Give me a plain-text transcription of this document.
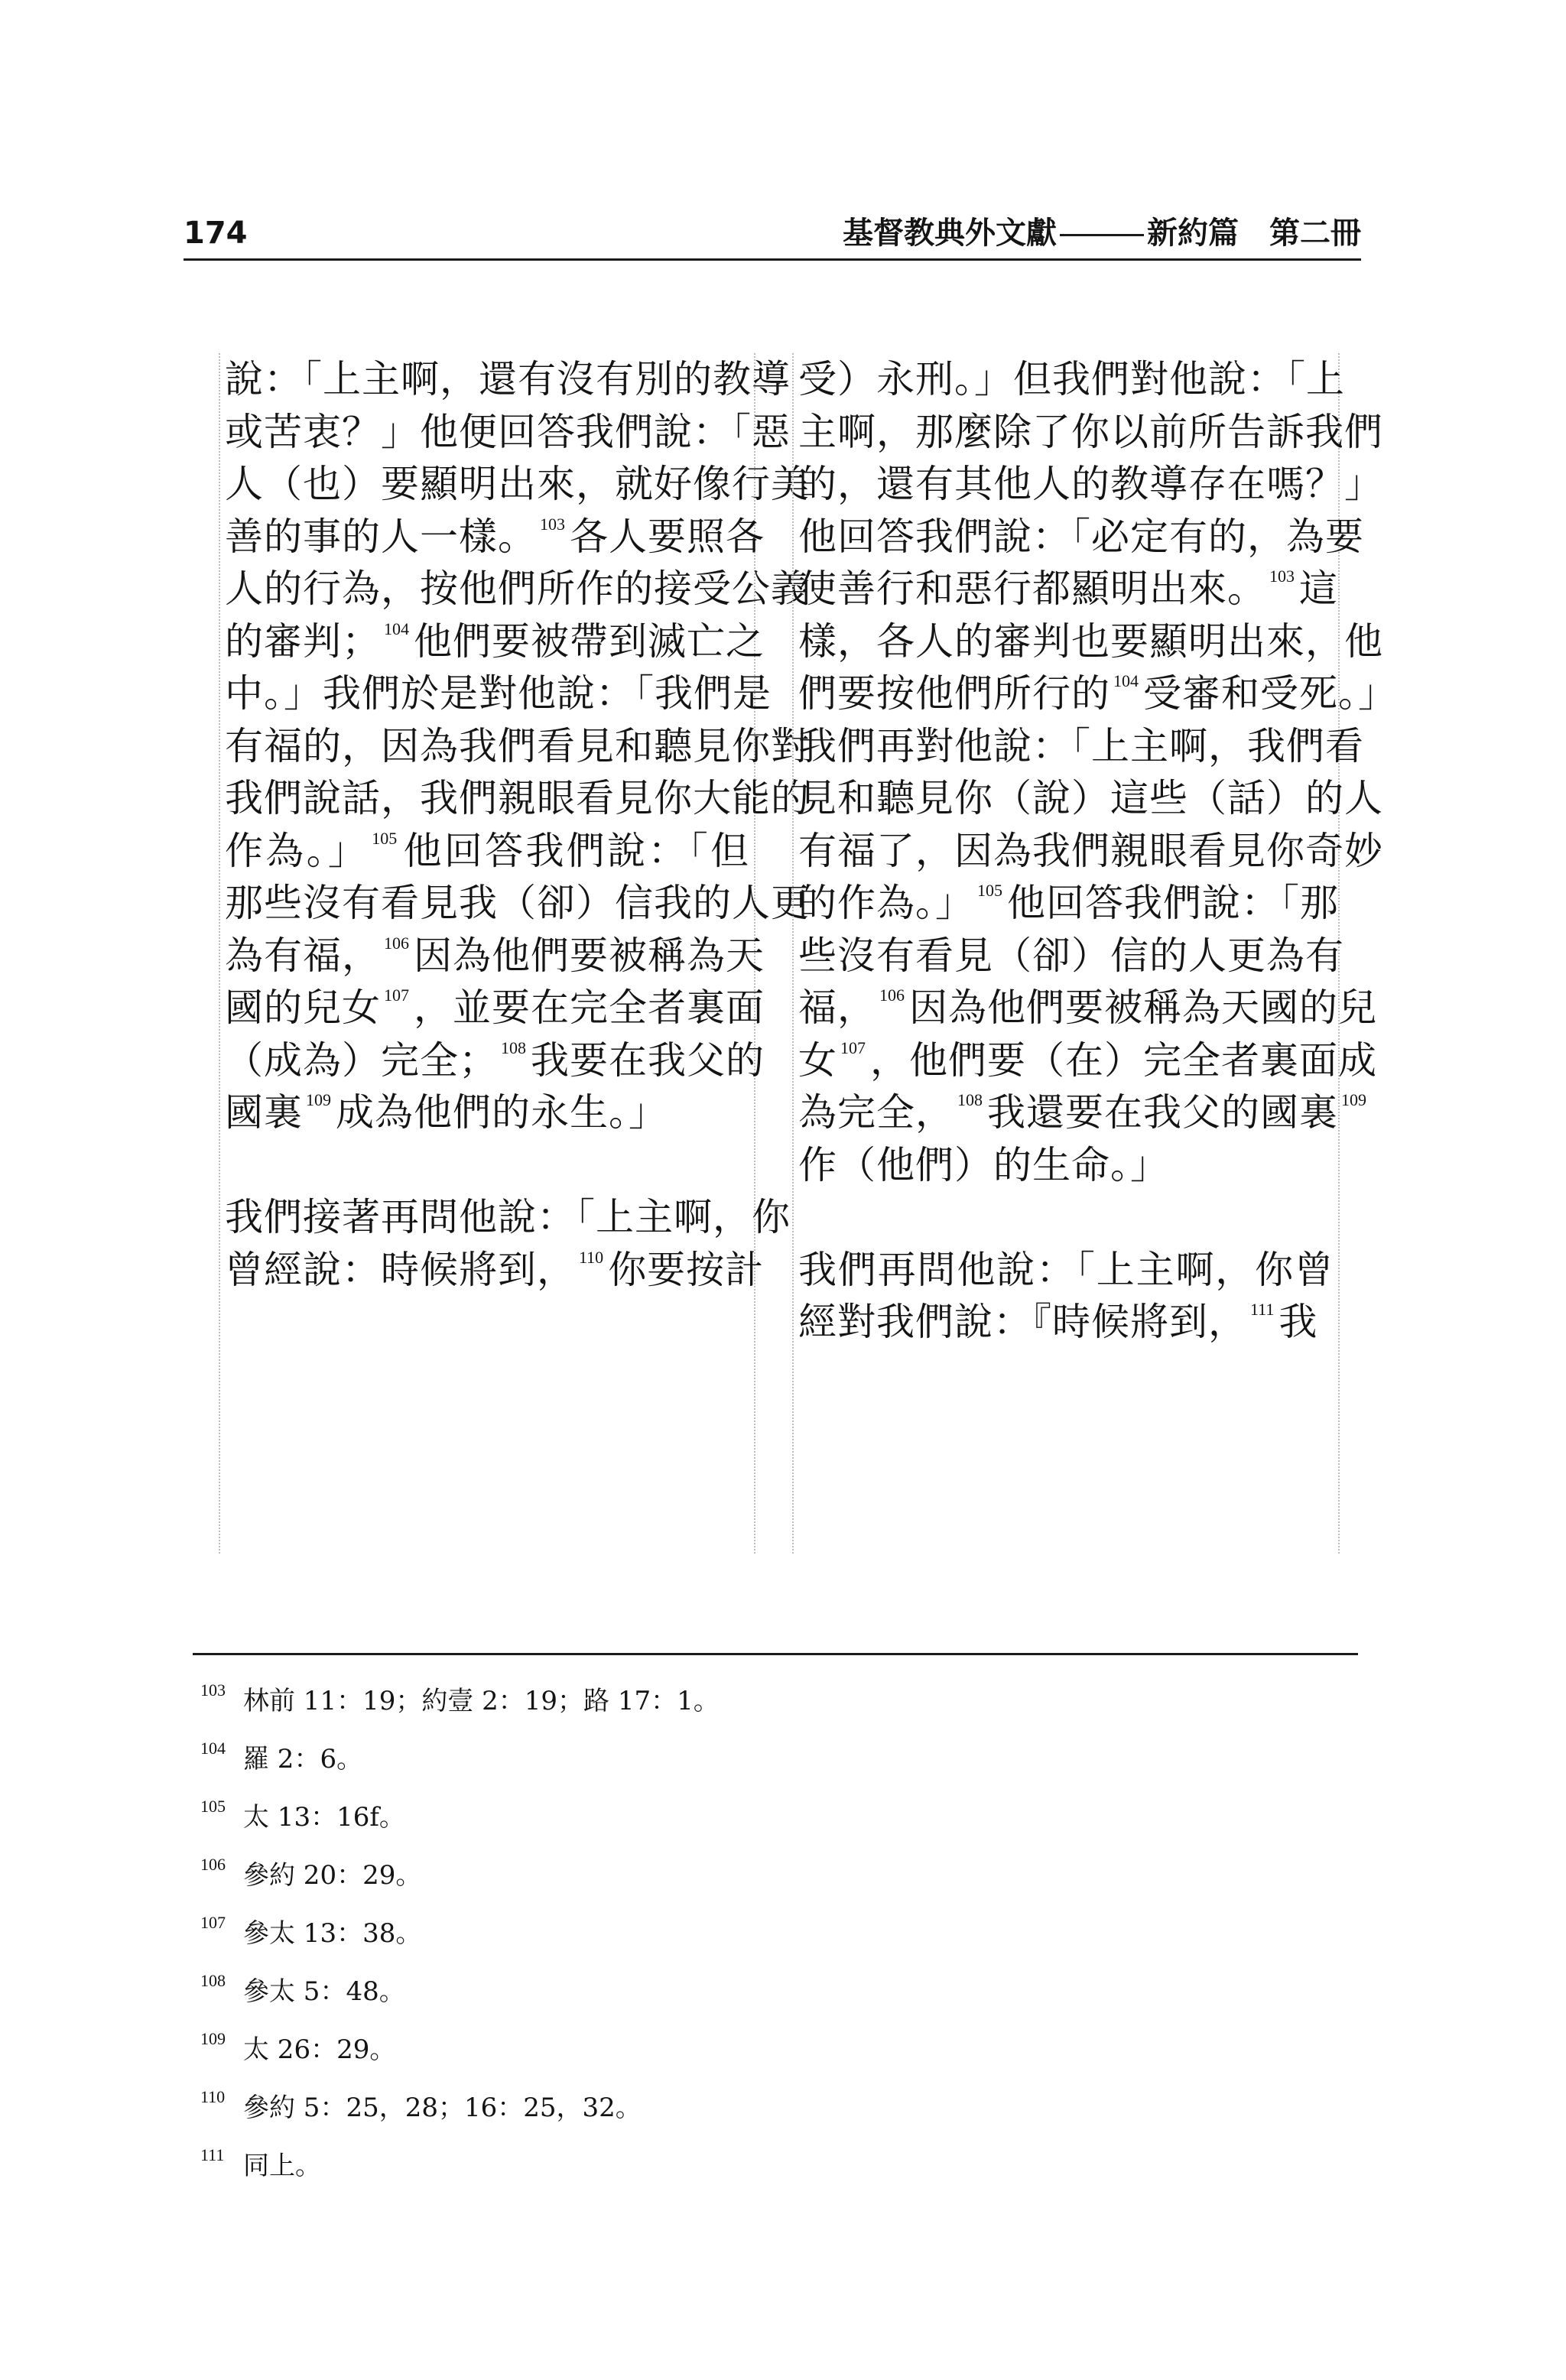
174	基督教典外文獻	新約篇 第二冊

說：「上主啊，還有沒有別的教導
或苦衷？」他便回答我們說：「惡
人（也）要顯明出來，就好像行美
善的事的人一樣。 $^{103}$ 各人要照各
人的行為，按他們所作的接受公義
的審判； $^{104}$ 他們要被帶到滅亡之
中。」我們於是對他說：「我們是
有福的，因為我們看見和聽見你對
我們說話，我們親眼看見你大能的
作為。」 $^{105}$ 他回答我們說：「但
那些沒有看見我（卻）信我的人更
為有福， $^{106}$ 因為他們要被稱為天
國的兒女 $^{107}$ ，並要在完全者裏面
（成為）完全； $^{108}$ 我要在我父的
國裏 $^{109}$ 成為他們的永生。」

我們接著再問他說：「上主啊，你
曾經說：時候將到， $^{110}$ 你要按計

受）永刑。」但我們對他說：「上
主啊，那麼除了你以前所告訴我們
的，還有其他人的教導存在嗎？」
他回答我們說：「必定有的，為要
使善行和惡行都顯明出來。 $^{103}$ 這
樣，各人的審判也要顯明出來，他
們要按他們所行的 $^{104}$ 受審和受死。」
我們再對他說：「上主啊，我們看
見和聽見你（說）這些（話）的人
有福了，因為我們親眼看見你奇妙
的作為。」 $^{105}$ 他回答我們說：「那
些沒有看見（卻）信的人更為有
福， $^{106}$ 因為他們要被稱為天國的兒
女 $^{107}$ ，他們要（在）完全者裏面成
為完全， $^{108}$ 我還要在我父的國裏 $^{109}$
作（他們）的生命。」

我們再問他說：「上主啊，你曾
經對我們說：『時候將到， $^{111}$ 我

103 林前 11：19；約壹 2：19；路 17：1。
104 羅 2：6。
105 太 13：16f。
106 參約 20：29。
107 參太 13：38。
108 參太 5：48。
109 太 26：29。
110 參約 5：25，28；16：25，32。
111 同上。
